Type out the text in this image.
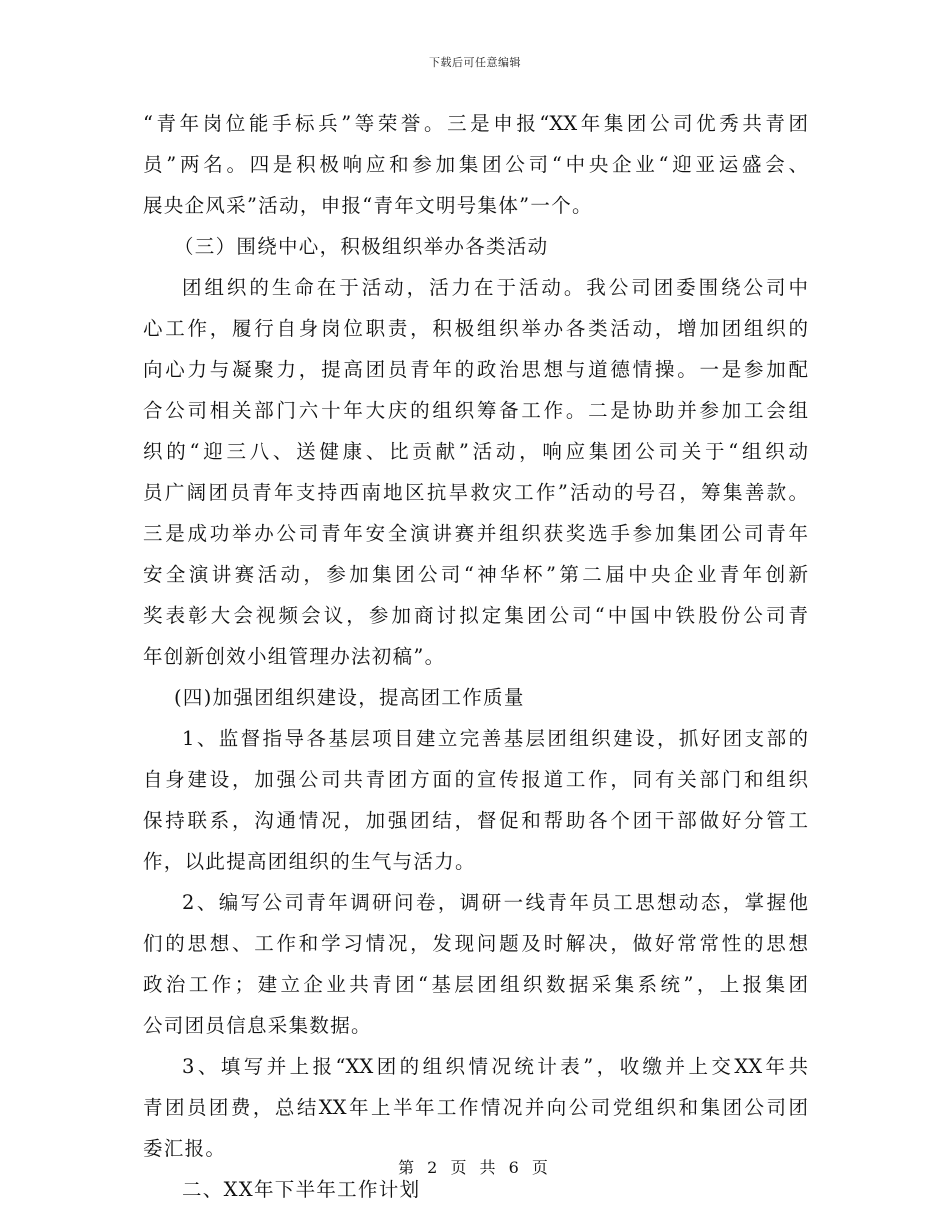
下载后可任意编辑
“青年岗位能手标兵”等荣誉。三是申报“XX年集团公司优秀共青团
员”两名。四是积极响应和参加集团公司“中央企业“迎亚运盛会、
展央企风采”活动，申报“青年文明号集体”一个。
（三）围绕中心，积极组织举办各类活动
团组织的生命在于活动，活力在于活动。我公司团委围绕公司中
心工作，履行自身岗位职责，积极组织举办各类活动，增加团组织的
向心力与凝聚力，提高团员青年的政治思想与道德情操。一是参加配
合公司相关部门六十年大庆的组织筹备工作。二是协助并参加工会组
织的“迎三八、送健康、比贡献”活动，响应集团公司关于“组织动
员广阔团员青年支持西南地区抗旱救灾工作”活动的号召，筹集善款。
三是成功举办公司青年安全演讲赛并组织获奖选手参加集团公司青年
安全演讲赛活动，参加集团公司“神华杯”第二届中央企业青年创新
奖表彰大会视频会议，参加商讨拟定集团公司“中国中铁股份公司青
年创新创效小组管理办法初稿”。
(四)加强团组织建设，提高团工作质量
1、监督指导各基层项目建立完善基层团组织建设，抓好团支部的
自身建设，加强公司共青团方面的宣传报道工作，同有关部门和组织
保持联系，沟通情况，加强团结，督促和帮助各个团干部做好分管工
作，以此提高团组织的生气与活力。
2、编写公司青年调研问卷，调研一线青年员工思想动态，掌握他
们的思想、工作和学习情况，发现问题及时解决，做好常常性的思想
政治工作；建立企业共青团“基层团组织数据采集系统”，上报集团
公司团员信息采集数据。
3、填写并上报“XX团的组织情况统计表”，收缴并上交XX年共
青团员团费，总结XX年上半年工作情况并向公司党组织和集团公司团
委汇报。
二、XX年下半年工作计划
第 2 页 共 6 页
